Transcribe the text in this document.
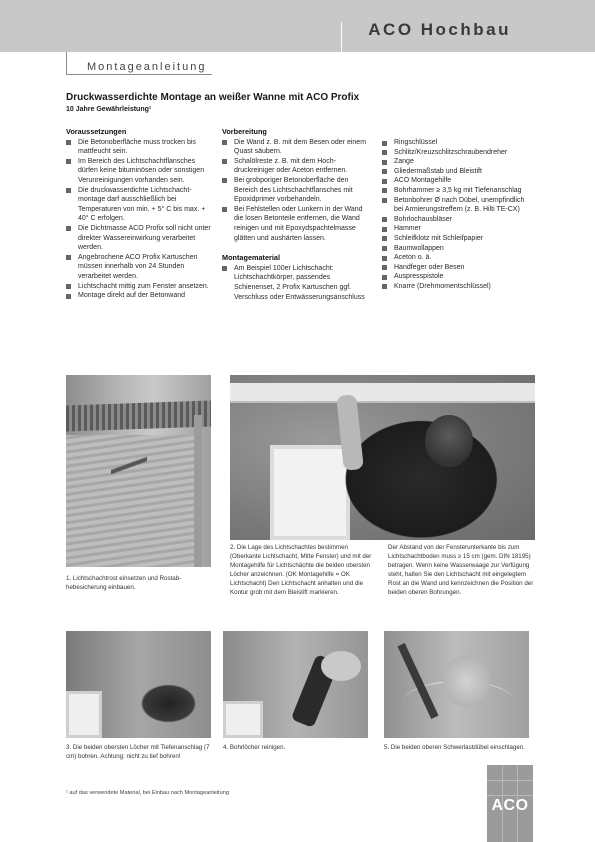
ACO Hochbau
Montageanleitung
Druckwasserdichte Montage an weißer Wanne mit ACO Profix
10 Jahre Gewährleistung¹
Voraussetzungen
Die Betonoberfläche muss trocken bis mattfeucht sein.
Im Bereich des Lichtschachtflansches dürfen keine bituminösen oder sonstigen Verunreinigungen vorhanden sein.
Die druckwasserdichte Lichtschachtmontage darf ausschließlich bei Temperaturen von min. + 5° C bis max. + 40° C erfolgen.
Die Dichtmasse ACO Profix soll nicht unter direkter Wassereinwirkung verarbeitet werden.
Angebrochene ACO Profix Kartuschen müssen innerhalb von 24 Stunden verarbeitet werden.
Lichtschacht mittig zum Fenster ansetzen.
Montage direkt auf der Betonwand
Vorbereitung
Die Wand z. B. mit dem Besen oder einem Quast säubern.
Schalölreste z. B. mit dem Hochdruckreiniger oder Aceton entfernen.
Bei grobporiger Betonoberfläche den Bereich des Lichtschachtflansches mit Epoxidprimer vorbehandeln.
Bei Fehlstellen oder Lunkern in der Wand die losen Betonteile entfernen, die Wand reinigen und mit Epoxydspachtelmasse glätten und aushärten lassen.
Montagematerial
Am Beispiel 100er Lichtschacht: Lichtschachtkörper, passendes Schienenset, 2 Profix Kartuschen ggf. Verschluss oder Entwässerungsanschluss
Ringschlüssel
Schlitz/Kreuzschlitzschraubendreher
Zange
Gliedermaßstab und Bleistift
ACO Montagehilfe
Bohrhammer ≥ 3,5 kg mit Tiefenanschlag
Betonbohrer Ø nach Dübel, unempfindlich bei Armierungstreffern (z. B. Hilti TE-CX)
Bohrlochausbläser
Hammer
Schleifklotz mit Schleifpapier
Baumwollappen
Aceton o. ä.
Handfeger oder Besen
Auspresspistole
Knarre (Drehmomentschlüssel)
1. Lichtschachtrost einsetzen und Rostabhebesicherung einbauen.
2. Die Lage des Lichtschachtes bestimmen (Oberkante Lichtschacht, Mitte Fenster) und mit der Montagehilfe für Lichtschächte die beiden obersten Löcher anzeichnen. (OK Montagehilfe = OK Lichtschacht) Den Lichtschacht anhalten und die Kontur grob mit dem Bleistift markieren.
Der Abstand von der Fensterunterkante bis zum Lichtschachtboden muss ≥ 15 cm (gem. DIN 18195) betragen. Wenn keine Wasserwaage zur Verfügung steht, halten Sie den Lichtschacht mit eingelegtem Rost an die Wand und kennzeichnen die Position der beiden oberen Bohrungen.
3. Die beiden obersten Löcher mit Tiefenanschlag (7 cm) bohren. Achtung: nicht zu tief bohren!
4. Bohrlöcher reinigen.	5. Die beiden oberen Schwerlastdübel einschlagen.
¹ auf das verwendete Material, bei Einbau nach Montageanleitung
ACO
